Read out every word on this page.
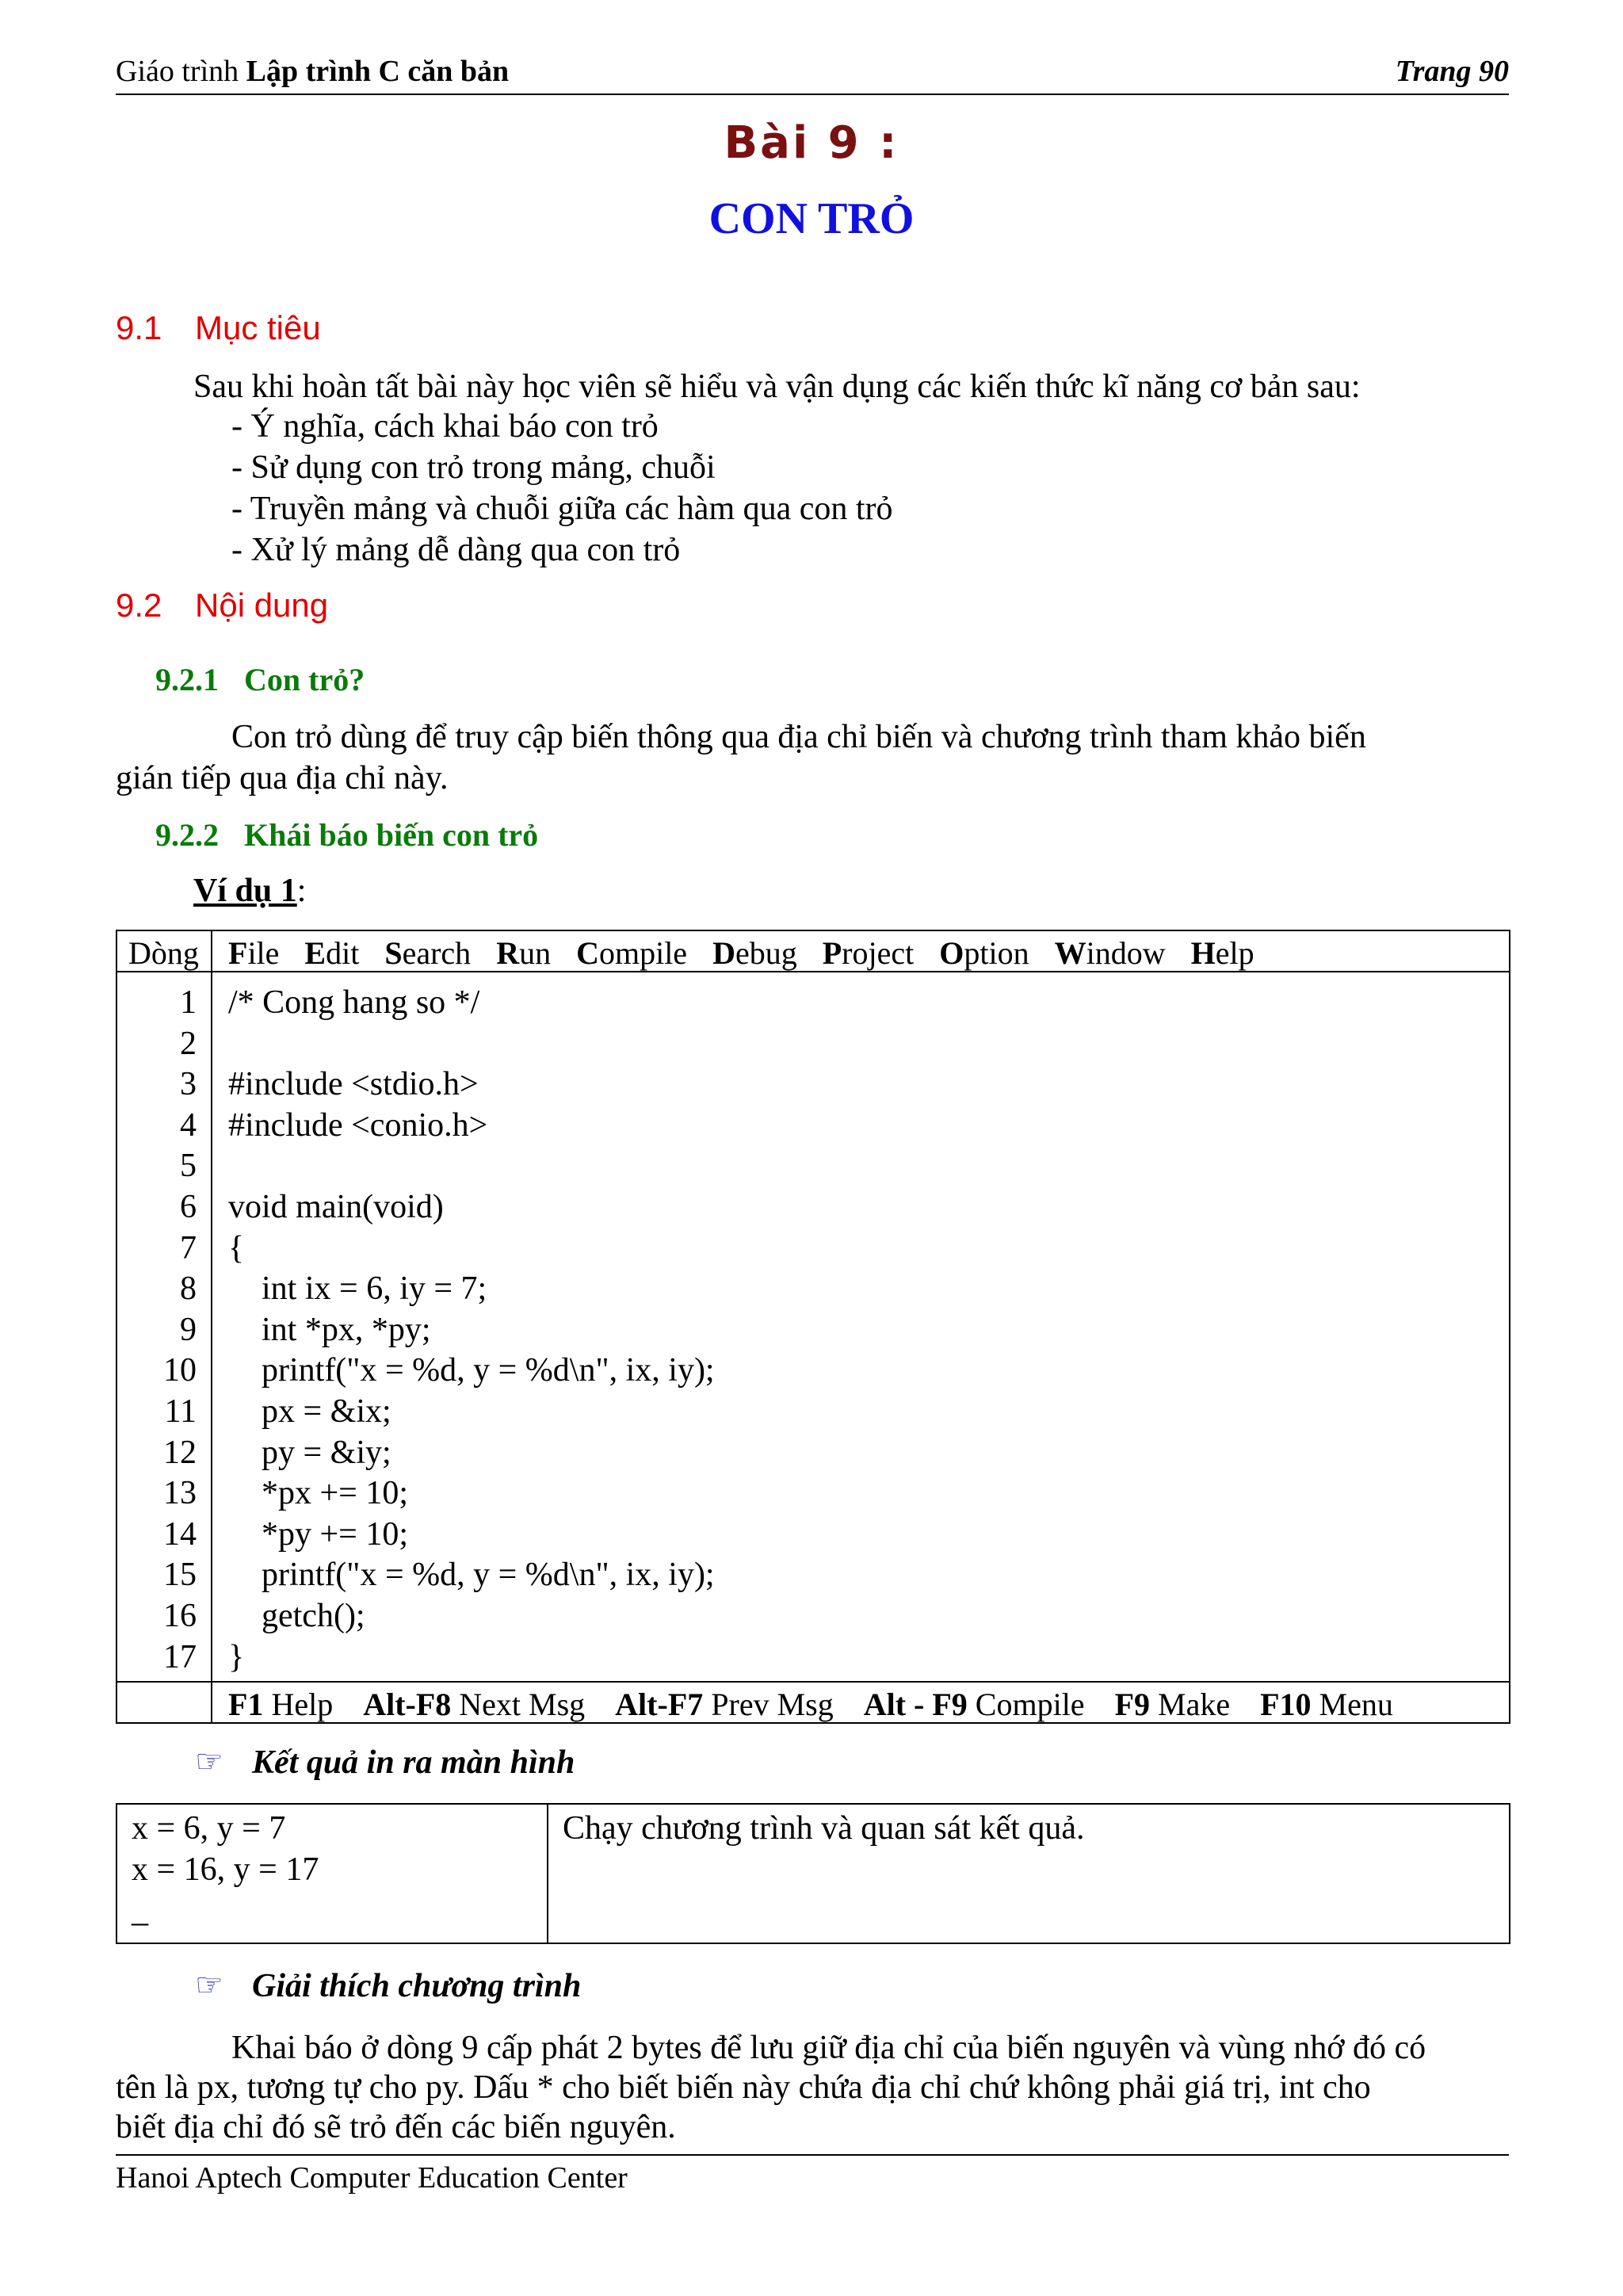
Giáo trình Lập trình C căn bản	Trang 90
Bài 9 :
CON TRỎ
9.1 Mục tiêu
Sau khi hoàn tất bài này học viên sẽ hiểu và vận dụng các kiến thức kĩ năng cơ bản sau:
- Ý nghĩa, cách khai báo con trỏ
- Sử dụng con trỏ trong mảng, chuỗi
- Truyền mảng và chuỗi giữa các hàm qua con trỏ
- Xử lý mảng dễ dàng qua con trỏ
9.2 Nội dung
9.2.1 Con trỏ?
Con trỏ dùng để truy cập biến thông qua địa chỉ biến và chương trình tham khảo biến
gián tiếp qua địa chỉ này.
9.2.2 Khái báo biến con trỏ
Ví dụ 1:
Dòng File Edit Search Run Compile Debug Project Option Window Help
1 /* Cong hang so */
2
3 #include <stdio.h>
4 #include <conio.h>
5
6 void main(void)
7 {
8 int ix = 6, iy = 7;
9 int *px, *py;
10 printf("x = %d, y = %d\n", ix, iy);
11 px = &ix;
12 py = &iy;
13 *px += 10;
14 *py += 10;
15 printf("x = %d, y = %d\n", ix, iy);
16 getch();
17 }
F1 Help Alt-F8 Next Msg Alt-F7 Prev Msg Alt - F9 Compile F9 Make F10 Menu
☞ Kết quả in ra màn hình
x = 6, y = 7
x = 16, y = 17
_
Chạy chương trình và quan sát kết quả.
☞ Giải thích chương trình
Khai báo ở dòng 9 cấp phát 2 bytes để lưu giữ địa chỉ của biến nguyên và vùng nhớ đó có
tên là px, tương tự cho py. Dấu * cho biết biến này chứa địa chỉ chứ không phải giá trị, int cho
biết địa chỉ đó sẽ trỏ đến các biến nguyên.
Hanoi Aptech Computer Education Center
